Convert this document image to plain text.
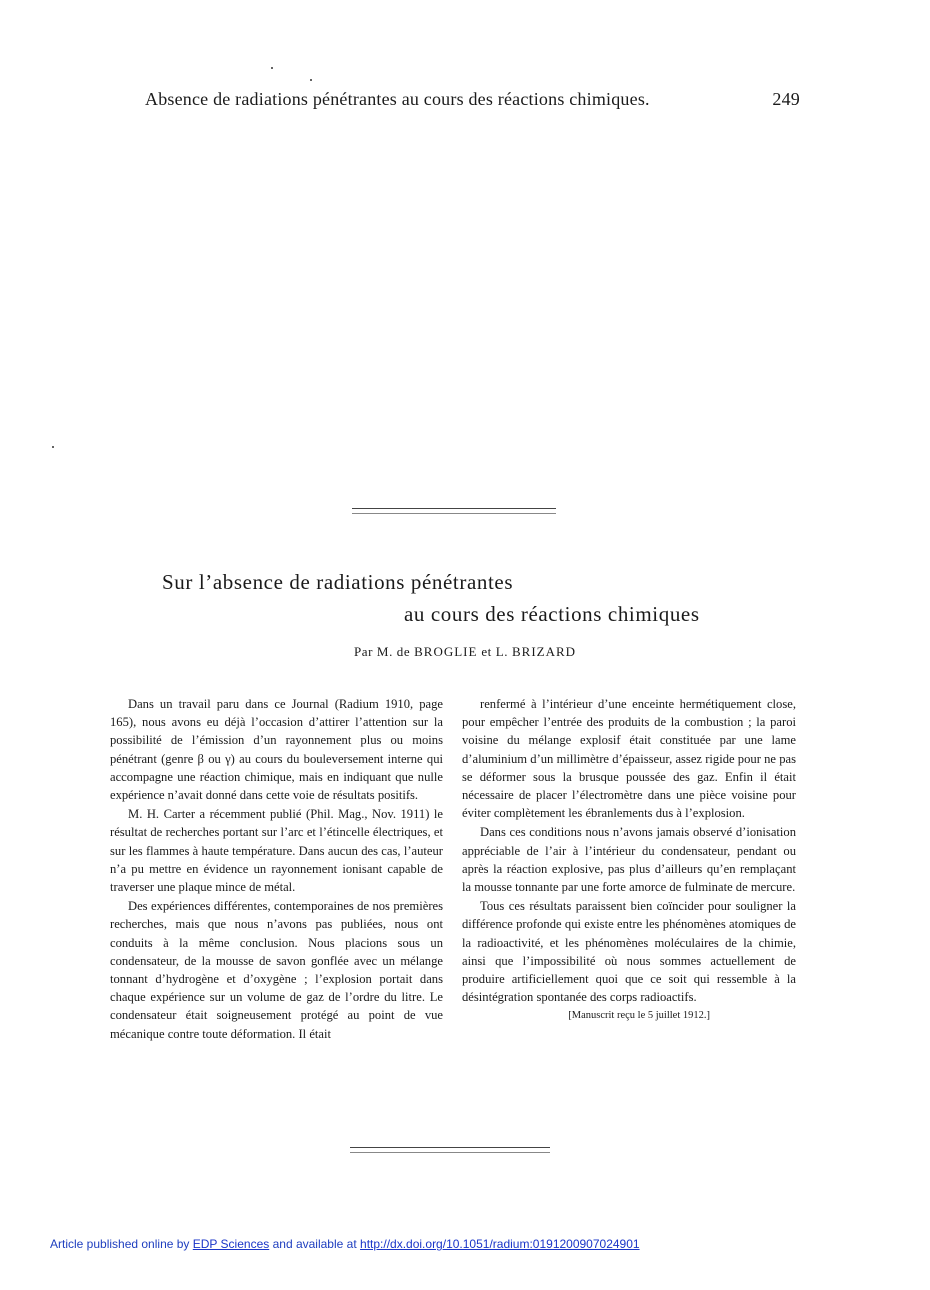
Absence de radiations pénétrantes au cours des réactions chimiques.	249
Sur l’absence de radiations pénétrantes
au cours des réactions chimiques
Par M. de BROGLIE et L. BRIZARD

Dans un travail paru dans ce Journal (Radium 1910, page 165), nous avons eu déjà l’occasion d’attirer l’attention sur la possibilité de l’émission d’un rayonnement plus ou moins pénétrant (genre β ou γ) au cours du bouleversement interne qui accompagne une réaction chimique, mais en indiquant que nulle expérience n’avait donné dans cette voie de résultats positifs.

M. H. Carter a récemment publié (Phil. Mag., Nov. 1911) le résultat de recherches portant sur l’arc et l’étincelle électriques, et sur les flammes à haute température. Dans aucun des cas, l’auteur n’a pu mettre en évidence un rayonnement ionisant capable de traverser une plaque mince de métal.

Des expériences différentes, contemporaines de nos premières recherches, mais que nous n’avons pas publiées, nous ont conduits à la même conclusion. Nous placions sous un condensateur, de la mousse de savon gonflée avec un mélange tonnant d’hydrogène et d’oxygène ; l’explosion portait dans chaque expérience sur un volume de gaz de l’ordre du litre. Le condensateur était soigneusement protégé au point de vue mécanique contre toute déformation. Il était

renfermé à l’intérieur d’une enceinte hermétiquement close, pour empêcher l’entrée des produits de la combustion ; la paroi voisine du mélange explosif était constituée par une lame d’aluminium d’un millimètre d’épaisseur, assez rigide pour ne pas se déformer sous la brusque poussée des gaz. Enfin il était nécessaire de placer l’électromètre dans une pièce voisine pour éviter complètement les ébranlements dus à l’explosion.

Dans ces conditions nous n’avons jamais observé d’ionisation appréciable de l’air à l’intérieur du condensateur, pendant ou après la réaction explosive, pas plus d’ailleurs qu’en remplaçant la mousse tonnante par une forte amorce de fulminate de mercure.

Tous ces résultats paraissent bien coïncider pour souligner la différence profonde qui existe entre les phénomènes atomiques de la radioactivité, et les phénomènes moléculaires de la chimie, ainsi que l’impossibilité où nous sommes actuellement de produire artificiellement quoi que ce soit qui ressemble à la désintégration spontanée des corps radioactifs.

[Manuscrit reçu le 5 juillet 1912.]

Article published online by EDP Sciences and available at http://dx.doi.org/10.1051/radium:0191200907024901
